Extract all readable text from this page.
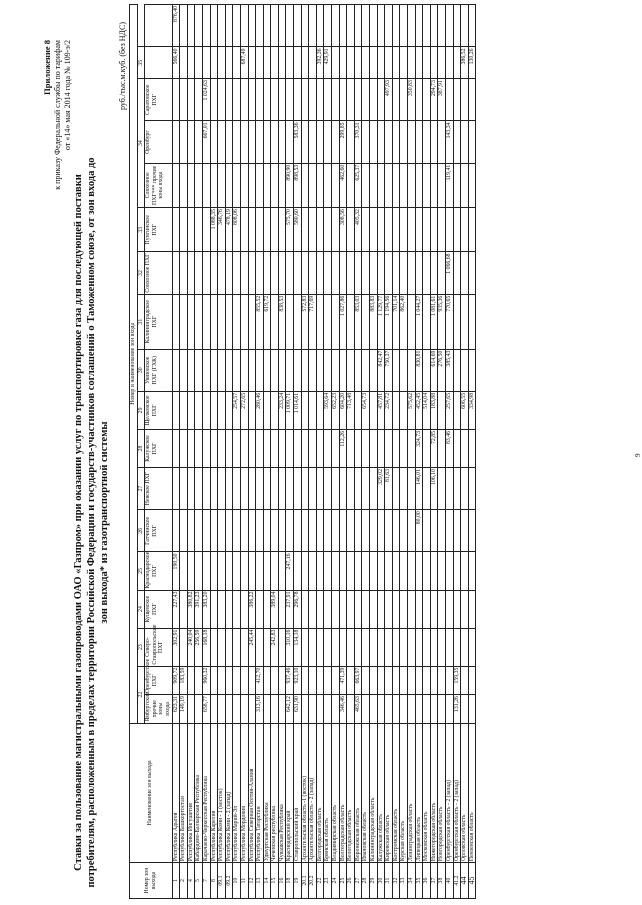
Приложение 8 к приказу Федеральной службы по тарифам от «14» мая 2014 года № 109-э/2
Ставки за пользование магистральными газопроводами ОАО «Газпром» при оказании услуг по транспортировке газа для последующей поставки потребителям, расположенным в пределах территории Российской Федерации и государств-участников соглашений о Таможенном союзе, от зон входа до зон выхода* из газотранспортной системы
руб./тыс.м.куб. (без НДС)
Номер зон выхода	Наименование зон выхода	Номер и наименование зон входа																	
		22		23	24	25	26	27	28	29	30	31	32	33	34			35	
		Ямбургские прочие зоны входа	Оренбургское ПХГ	Северо-Ставропольские ПХГ	Кущевское ПХГ	Краснодарское ПХГ	Гатчинское ПХГ	Невское ПХГ	Калужское ПХГ	Щелковское ПХГ	Увязовское ПХГ (ГХК)	Калининградское ПХГ	Совхозное ПХГ	Пунгинское ПХГ	Совхозное ПХГ*** прочие зоны входа	Оренбург	Саратовское ПХГ		
1	Республика Адыгея	623,31	909,72	302,91	227,43	190,50												566,40	876,40
2	Республика Башкортостан	149,19	183,59																
4	Республика Ингушетия			240,04	380,82														
5	Кабардино-Балкарская Республика			256,59	391,23														
7	Карачаево-Черкесская Республика	658,77	960,32	168,18	383,20											667,01	1 024,63		
8	Республика Карелия													1 088,35					
09.1	Республика Коми - 1 (восток)													346,76					
09.2	Республика Коми - 2 (запад)													478,19					
10	Республика Марий-Эл									254,57				808,06					
11	Республика Мордовия									272,65								687,49	
12	Республика Северная Осетия-Алания			245,44	386,22														
13	Республика Татарстан	313,16	412,70							280,46		855,52							
14	Удмуртская Республика											619,72							
15	Чеченская республика			242,83	389,04														
16	Чувашская Республика									233,24		838,53							
18	Краснодарский край	642,12	937,46	310,16	237,91	247,16				1 009,71				575,70	890,90				
19	Ставропольский край	631,90	923,10	134,18	296,78					1 014,61				580,60	898,53	583,36			
20.1	Архангельская область -1 (восток)											572,83							
20.2	Архангельская область - 2 (запад)											717,69							
22	Белгородская область																	392,36	
23	Брянская область									593,64								429,91	
24	Владимирская область									652,23									
25	Волгоградская область	346,46	471,39						112,26	604,20		1 027,86		308,56	462,60	299,85			
26	Вологодская область									713,48									
27	Воронежская область	465,63	663,97									853,03		405,32	625,37	370,31			
28	Ивановская область									654,73									
29	Калининградская область											883,83							
30	Калужская область							329,02		457,81	842,47	1 129,77							
31	Кировская область							81,63		234,72	750,37	1 194,56					497,93		
32	Костромская область											701,14							
33	Курская область											862,40							
34	Ленинградская область									575,62							350,83		
35	Липецкая область						80,00	146,01	324,73	452,45	830,81	1 044,27							
36	Московская область									514,04									
37	Нижегородская область							106,10	72,85	183,88	614,69	1 081,61					294,73		
38	Новгородская область										276,50	935,36					387,91		
40	Оренбургская область - 2 (запад)								83,46	257,65	385,43	770,65	1 066,68		119,41	143,34			
41.2	Оренбургская область - 2 (запад)	131,26	159,35																
44	Орловская область									606,55								386,52	
45	Пензенская область									334,98								130,26	
9
